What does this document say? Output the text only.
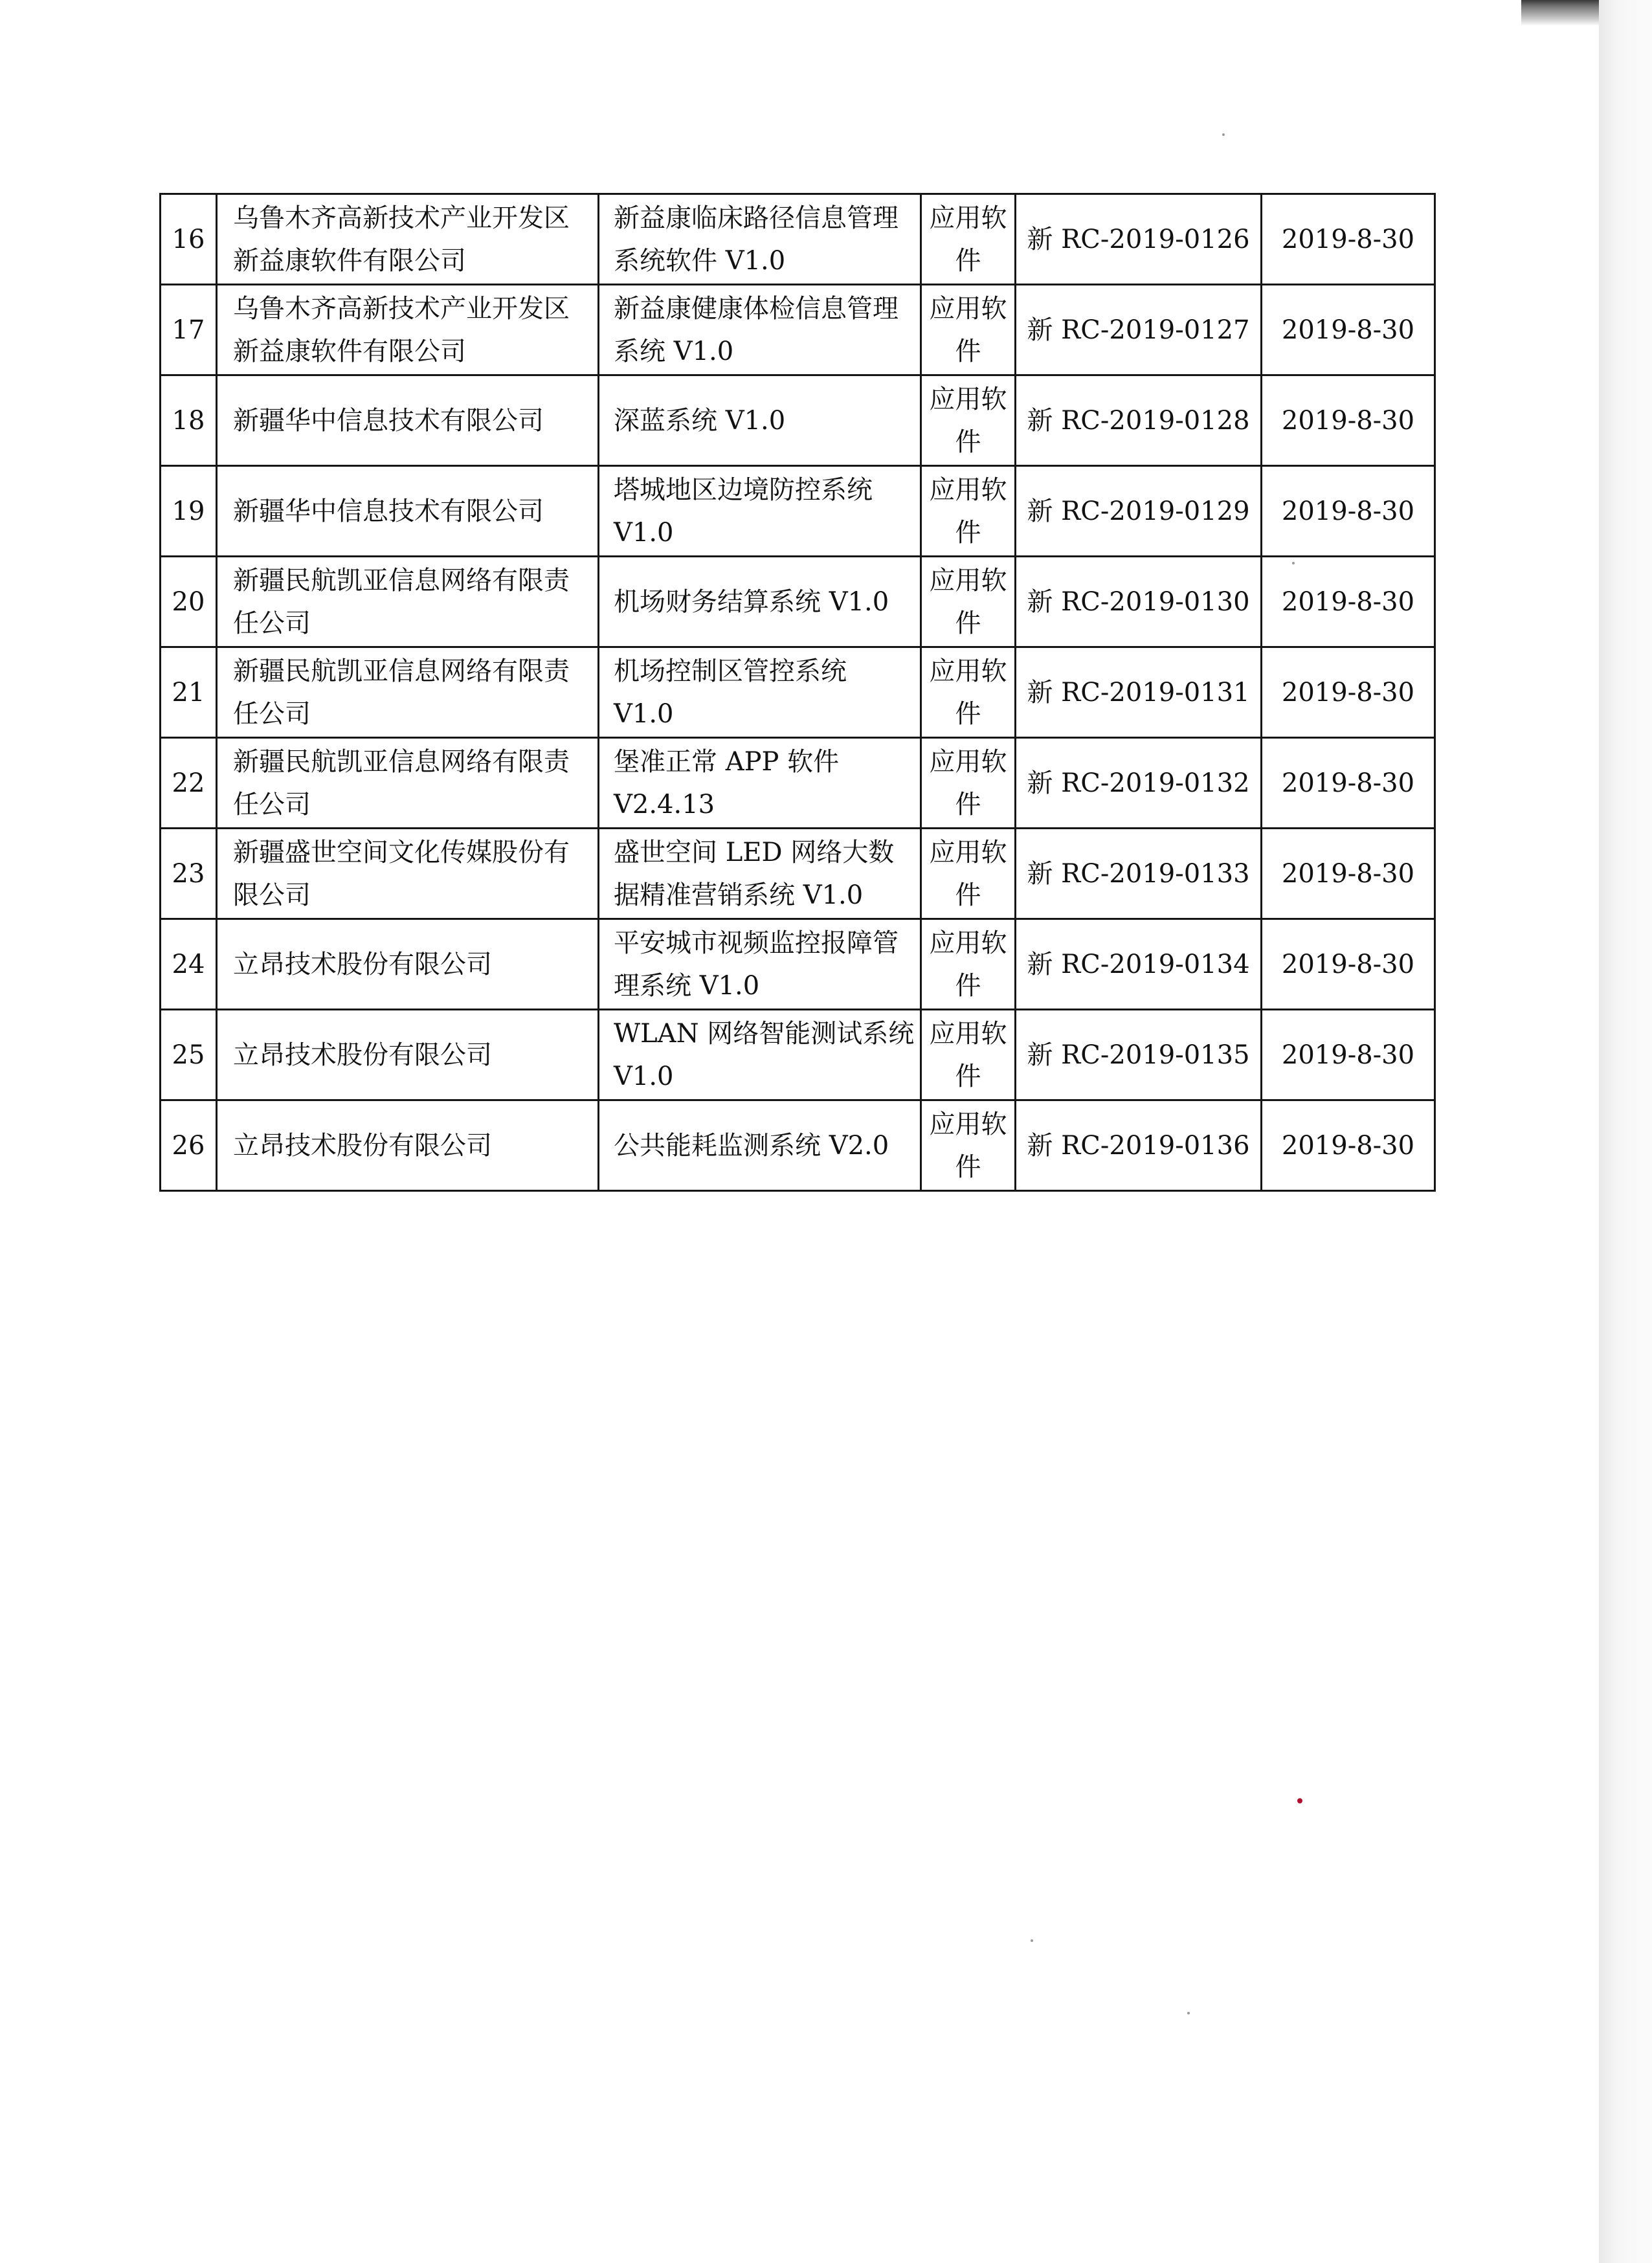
16	乌鲁木齐高新技术产业开发区新益康软件有限公司	新益康临床路径信息管理系统软件 V1.0	应用软件	新 RC-2019-0126	2019-8-30
17	乌鲁木齐高新技术产业开发区新益康软件有限公司	新益康健康体检信息管理系统 V1.0	应用软件	新 RC-2019-0127	2019-8-30
18	新疆华中信息技术有限公司	深蓝系统 V1.0	应用软件	新 RC-2019-0128	2019-8-30
19	新疆华中信息技术有限公司	塔城地区边境防控系统 V1.0	应用软件	新 RC-2019-0129	2019-8-30
20	新疆民航凯亚信息网络有限责任公司	机场财务结算系统 V1.0	应用软件	新 RC-2019-0130	2019-8-30
21	新疆民航凯亚信息网络有限责任公司	机场控制区管控系统 V1.0	应用软件	新 RC-2019-0131	2019-8-30
22	新疆民航凯亚信息网络有限责任公司	堡准正常 APP 软件 V2.4.13	应用软件	新 RC-2019-0132	2019-8-30
23	新疆盛世空间文化传媒股份有限公司	盛世空间 LED 网络大数据精准营销系统 V1.0	应用软件	新 RC-2019-0133	2019-8-30
24	立昂技术股份有限公司	平安城市视频监控报障管理系统 V1.0	应用软件	新 RC-2019-0134	2019-8-30
25	立昂技术股份有限公司	WLAN 网络智能测试系统 V1.0	应用软件	新 RC-2019-0135	2019-8-30
26	立昂技术股份有限公司	公共能耗监测系统 V2.0	应用软件	新 RC-2019-0136	2019-8-30
